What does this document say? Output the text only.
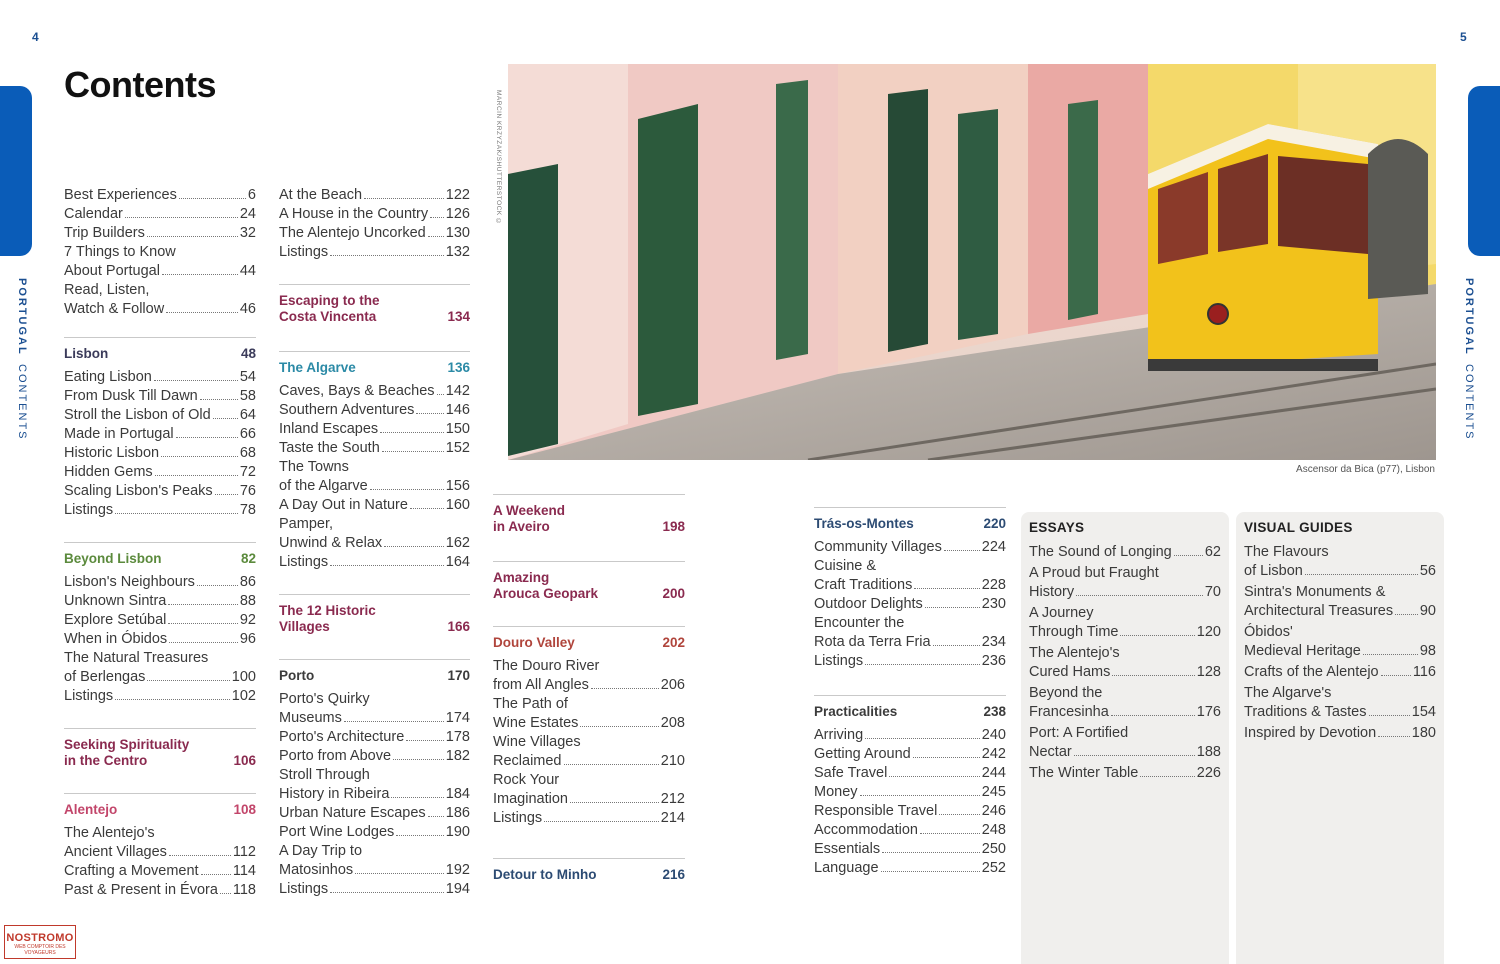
4	5
PORTUGALCONTENTS
PORTUGALCONTENTS
Contents
Best Experiences	6
Calendar	24
Trip Builders	32
7 Things to Know
About Portugal	44
Read, Listen,
Watch & Follow	46
Lisbon	48
Eating Lisbon	54
From Dusk Till Dawn	58
Stroll the Lisbon of Old 64
Made in Portugal	66
Historic Lisbon	68
Hidden Gems	72
Scaling Lisbon's Peaks 76
Listings	78
Beyond Lisbon	82
Lisbon's Neighbours	86
Unknown Sintra	88
Explore Setúbal	92
When in Óbidos	96
The Natural Treasures
of Berlengas	100
Listings	102
Seeking Spirituality
in the Centro	106
Alentejo	108
The Alentejo's
Ancient Villages	112
Crafting a Movement 114
Past & Present in Évora 118
At the Beach	122
A House in the Country 126
The Alentejo Uncorked 130
Listings	132
Escaping to the
Costa Vincenta	134
The Algarve	136
Caves, Bays & Beaches 142
Southern Adventures 146
Inland Escapes	150
Taste the South	152
The Towns
of the Algarve	156
A Day Out in Nature	160
Pamper,
Unwind & Relax	162
Listings	164
The 12 Historic
Villages	166
Porto	170
Porto's Quirky
Museums	174
Porto's Architecture	178
Porto from Above	182
Stroll Through
History in Ribeira	184
Urban Nature Escapes 186
Port Wine Lodges	190
A Day Trip to
Matosinhos	192
Listings	194
MARCIN KRZYZAK/SHUTTERSTOCK ©
Ascensor da Bica (p77), Lisbon
A Weekend
in Aveiro	198
Amazing
Arouca Geopark	200
Douro Valley	202
The Douro River
from All Angles	206
The Path of
Wine Estates	208
Wine Villages
Reclaimed	210
Rock Your
Imagination	212
Listings	214
Detour to Minho	216
Trás-os-Montes	220
Community Villages	224
Cuisine &
Craft Traditions	228
Outdoor Delights	230
Encounter the
Rota da Terra Fria	234
Listings	236
Practicalities	238
Arriving	240
Getting Around	242
Safe Travel	244
Money	245
Responsible Travel	246
Accommodation	248
Essentials	250
Language	252
ESSAYS
The Sound of Longing 62
A Proud but Fraught
History	70
A Journey
Through Time	120
The Alentejo's
Cured Hams	128
Beyond the
Francesinha	176
Port: A Fortified
Nectar	188
The Winter Table	226
VISUAL GUIDES
The Flavours
of Lisbon	56
Sintra's Monuments &
Architectural Treasures 90
Óbidos'
Medieval Heritage	98
Crafts of the Alentejo 116
The Algarve's
Traditions & Tastes	154
Inspired by Devotion 180
NOSTROMO
WEB COMPTOIR DES VOYAGEURS
